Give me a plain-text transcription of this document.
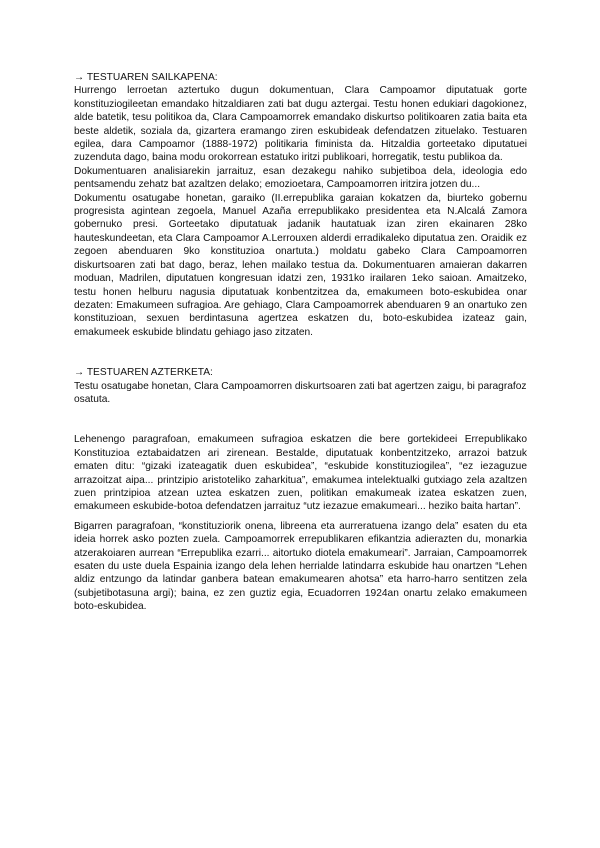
→ TESTUAREN SAILKAPENA:

Hurrengo lerroetan aztertuko dugun dokumentuan, Clara Campoamor diputatuak gorte konstituziogileetan emandako hitzaldiaren zati bat dugu aztergai. Testu honen edukiari dagokionez, alde batetik, tesu politikoa da, Clara Campoamorrek emandako diskurtso politikoaren zatia baita eta beste aldetik, soziala da, gizartera eramango ziren eskubideak defendatzen zituelako. Testuaren egilea, dara Campoamor (1888-1972) politikaria fiminista da. Hitzaldia gorteetako diputatuei zuzenduta dago, baina modu orokorrean estatuko iritzi publikoari, horregatik, testu publikoa da.

Dokumentuaren analisiarekin jarraituz, esan dezakegu nahiko subjetiboa dela, ideologia edo pentsamendu zehatz bat azaltzen delako; emozioetara, Campoamorren iritzira jotzen du...

Dokumentu osatugabe honetan, garaiko (II.errepublika garaian kokatzen da, biurteko gobernu progresista agintean zegoela, Manuel Azaña errepublikako presidentea eta N.Alcalá Zamora gobernuko presi. Gorteetako diputatuak jadanik hautatuak izan ziren ekainaren 28ko hauteskundeetan, eta Clara Campoamor A.Lerrouxen alderdi erradikaleko diputatua zen. Oraidik ez zegoen abenduaren 9ko konstituzioa onartuta.) moldatu gabeko Clara Campoamorren diskurtsoaren zati bat dago, beraz, lehen mailako testua da. Dokumentuaren amaieran dakarren moduan, Madrilen, diputatuen kongresuan idatzi zen, 1931ko irailaren 1eko saioan. Amaitzeko, testu honen helburu nagusia diputatuak konbentzitzea da, emakumeen boto-eskubidea onar dezaten: Emakumeen sufragioa. Are gehiago, Clara Campoamorrek abenduaren 9 an onartuko zen konstituzioan, sexuen berdintasuna agertzea eskatzen du, boto-eskubidea izateaz gain, emakumeek eskubide blindatu gehiago jaso zitzaten.

→ TESTUAREN AZTERKETA:

Testu osatugabe honetan, Clara Campoamorren diskurtsoaren zati bat agertzen zaigu, bi paragrafoz osatuta.

Lehenengo paragrafoan, emakumeen sufragioa eskatzen die bere gortekideei Errepublikako Konstituzioa eztabaidatzen ari zirenean. Bestalde, diputatuak konbentzitzeko, arrazoi batzuk ematen ditu: “gizaki izateagatik duen eskubidea”, “eskubide konstituziogilea”, “ez iezaguzue arrazoitzat aipa... printzipio aristoteliko zaharkitua”, emakumea intelektualki gutxiago zela azaltzen zuen printzipioa atzean uztea eskatzen zuen, politikan emakumeak izatea eskatzen zuen, emakumeen eskubide-botoa defendatzen jarraituz “utz iezazue emakumeari... heziko baita hartan”.

Bigarren paragrafoan, “konstituziorik onena, libreena eta aurreratuena izango dela” esaten du eta ideia horrek asko pozten zuela. Campoamorrek errepublikaren efikantzia adierazten du, monarkia atzerakoiaren aurrean “Errepublika ezarri... aitortuko diotela emakumeari”. Jarraian, Campoamorrek esaten du uste duela Espainia izango dela lehen herrialde latindarra eskubide hau onartzen “Lehen aldiz entzungo da latindar ganbera batean emakumearen ahotsa” eta harro-harro sentitzen zela (subjetibotasuna argi); baina, ez zen guztiz egia, Ecuadorren 1924an onartu zelako emakumeen boto-eskubidea.
